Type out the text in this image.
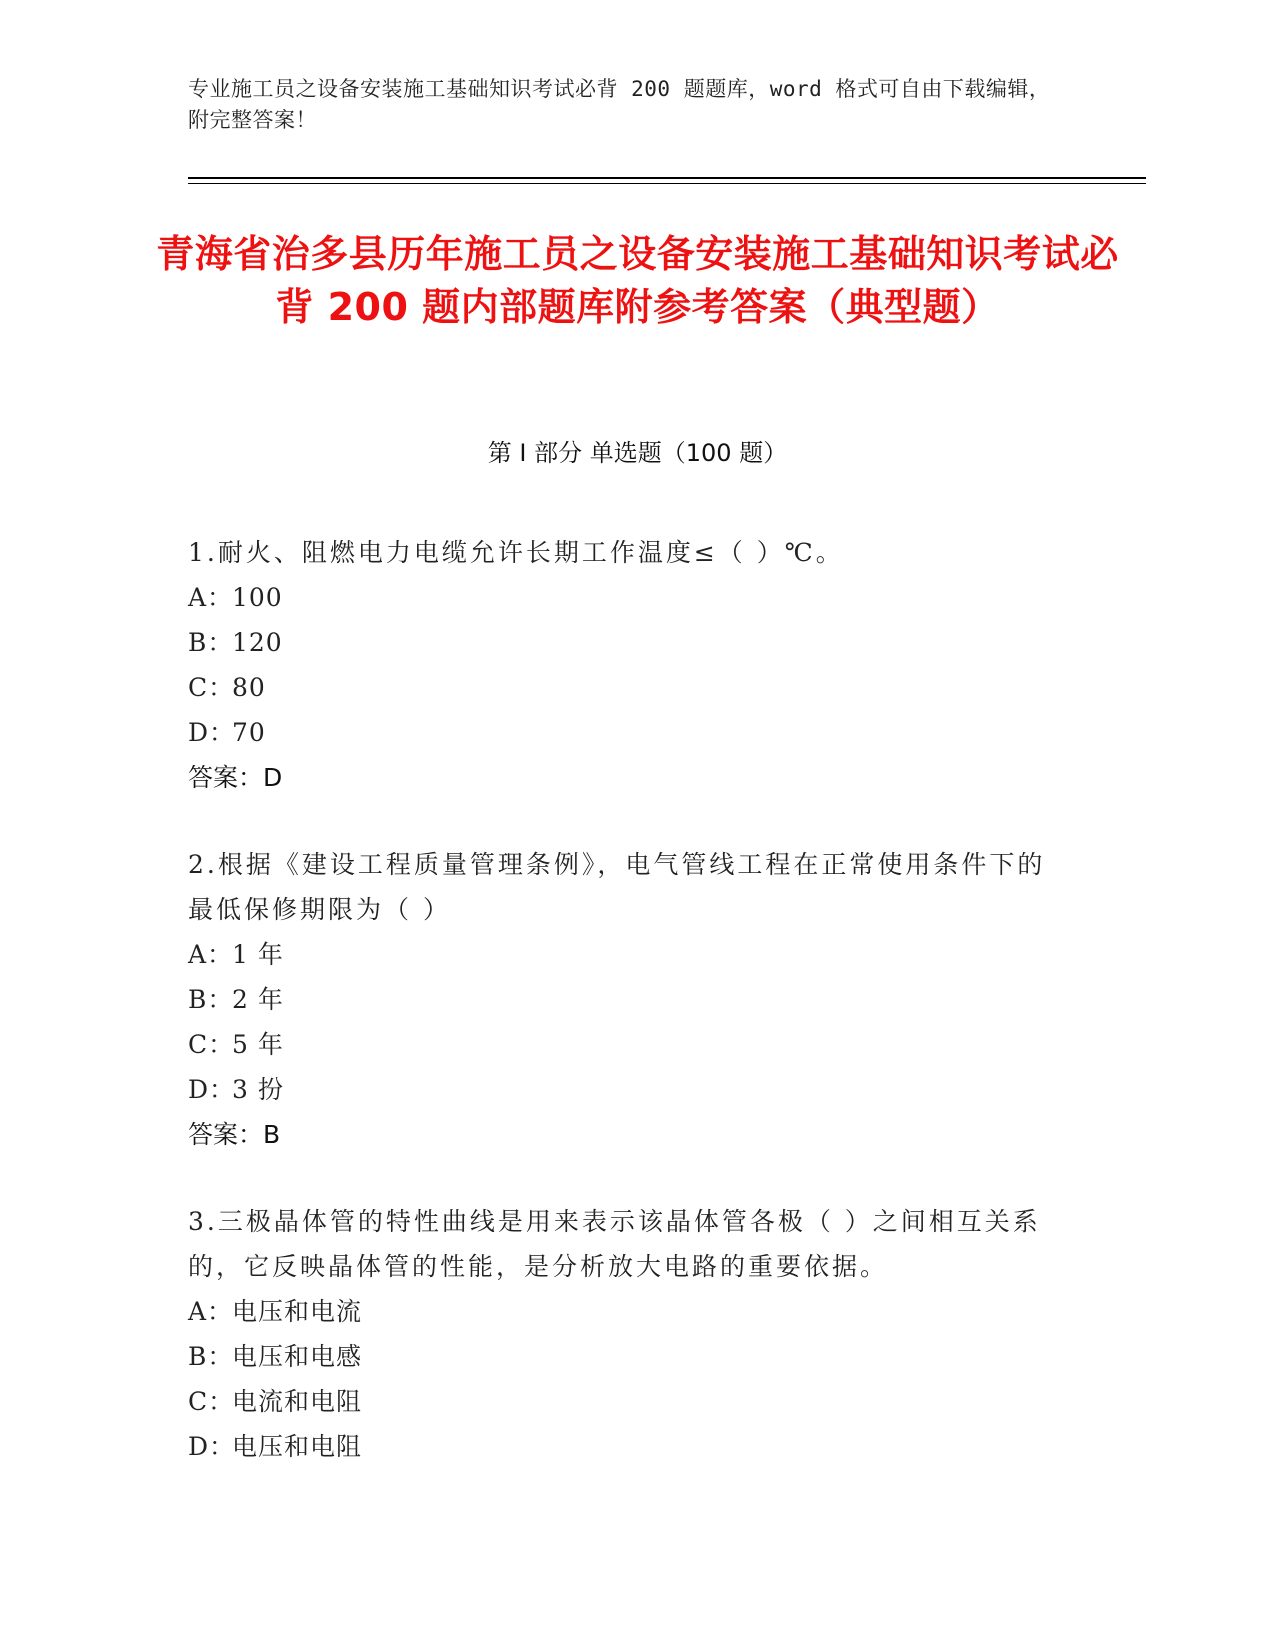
专业施工员之设备安装施工基础知识考试必背 200 题题库，word 格式可自由下载编辑，附完整答案！
青海省治多县历年施工员之设备安装施工基础知识考试必背 200 题内部题库附参考答案（典型题）
第 I 部分 单选题（100 题）
1.耐火、阻燃电力电缆允许长期工作温度≤（ ）℃。
A：100
B：120
C：80
D：70
答案：D
2.根据《建设工程质量管理条例》，电气管线工程在正常使用条件下的最低保修期限为（ ）
A：1 年
B：2 年
C：5 年
D：3 扮
答案：B
3.三极晶体管的特性曲线是用来表示该晶体管各极（ ）之间相互关系的，它反映晶体管的性能，是分析放大电路的重要依据。
A：电压和电流
B：电压和电感
C：电流和电阻
D：电压和电阻
